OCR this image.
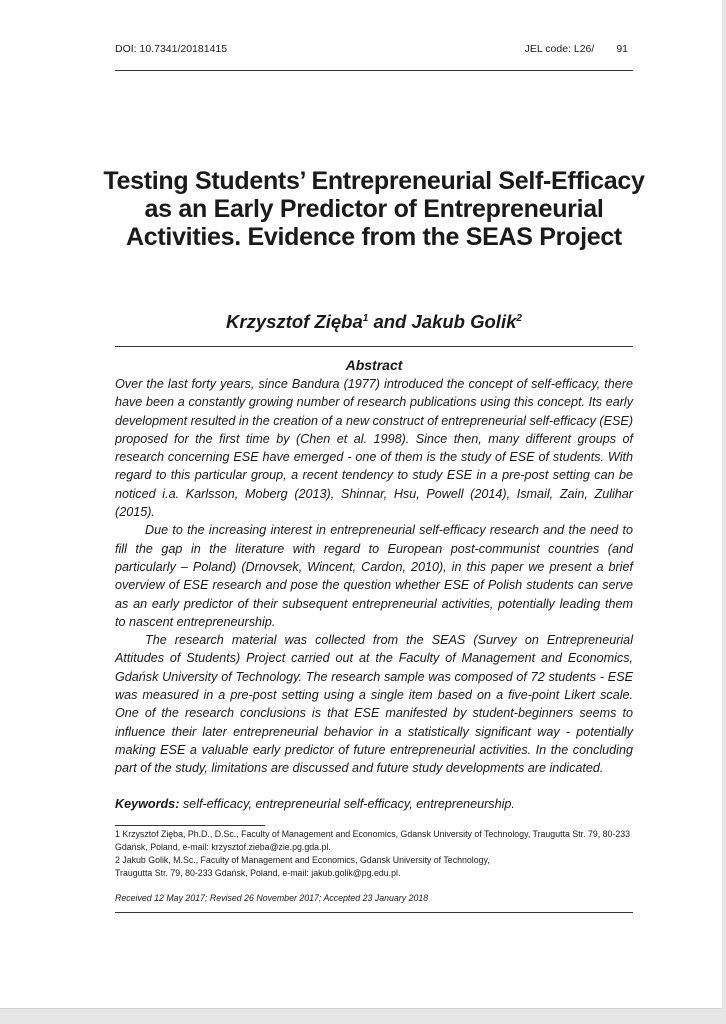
DOI: 10.7341/20181415	JEL code: L26/ 91
Testing Students’ Entrepreneurial Self-Efficacy as an Early Predictor of Entrepreneurial Activities. Evidence from the SEAS Project
Krzysztof Zięba$^1$ and Jakub Golik$^2$
Abstract

Over the last forty years, since Bandura (1977) introduced the concept of self-efficacy, there have been a constantly growing number of research publications using this concept. Its early development resulted in the creation of a new construct of entrepreneurial self-efficacy (ESE) proposed for the first time by (Chen et al. 1998). Since then, many different groups of research concerning ESE have emerged - one of them is the study of ESE of students. With regard to this particular group, a recent tendency to study ESE in a pre-post setting can be noticed i.a. Karlsson, Moberg (2013), Shinnar, Hsu, Powell (2014), Ismail, Zain, Zulihar (2015).

Due to the increasing interest in entrepreneurial self-efficacy research and the need to fill the gap in the literature with regard to European post-communist countries (and particularly – Poland) (Drnovsek, Wincent, Cardon, 2010), in this paper we present a brief overview of ESE research and pose the question whether ESE of Polish students can serve as an early predictor of their subsequent entrepreneurial activities, potentially leading them to nascent entrepreneurship.

The research material was collected from the SEAS (Survey on Entrepreneurial Attitudes of Students) Project carried out at the Faculty of Management and Economics, Gdańsk University of Technology. The research sample was composed of 72 students - ESE was measured in a pre-post setting using a single item based on a five-point Likert scale. One of the research conclusions is that ESE manifested by student-beginners seems to influence their later entrepreneurial behavior in a statistically significant way - potentially making ESE a valuable early predictor of future entrepreneurial activities. In the concluding part of the study, limitations are discussed and future study developments are indicated.

Keywords: self-efficacy, entrepreneurial self-efficacy, entrepreneurship.
1 Krzysztof Zięba, Ph.D., D.Sc., Faculty of Management and Economics, Gdansk University of Technology, Traugutta Str. 79, 80-233 Gdańsk, Poland, e-mail: krzysztof.zieba@zie.pg.gda.pl.
2 Jakub Golik, M.Sc., Faculty of Management and Economics, Gdansk University of Technology,
Traugutta Str. 79, 80-233 Gdańsk, Poland, e-mail: jakub.golik@pg.edu.pl.
Received 12 May 2017; Revised 26 November 2017; Accepted 23 January 2018
